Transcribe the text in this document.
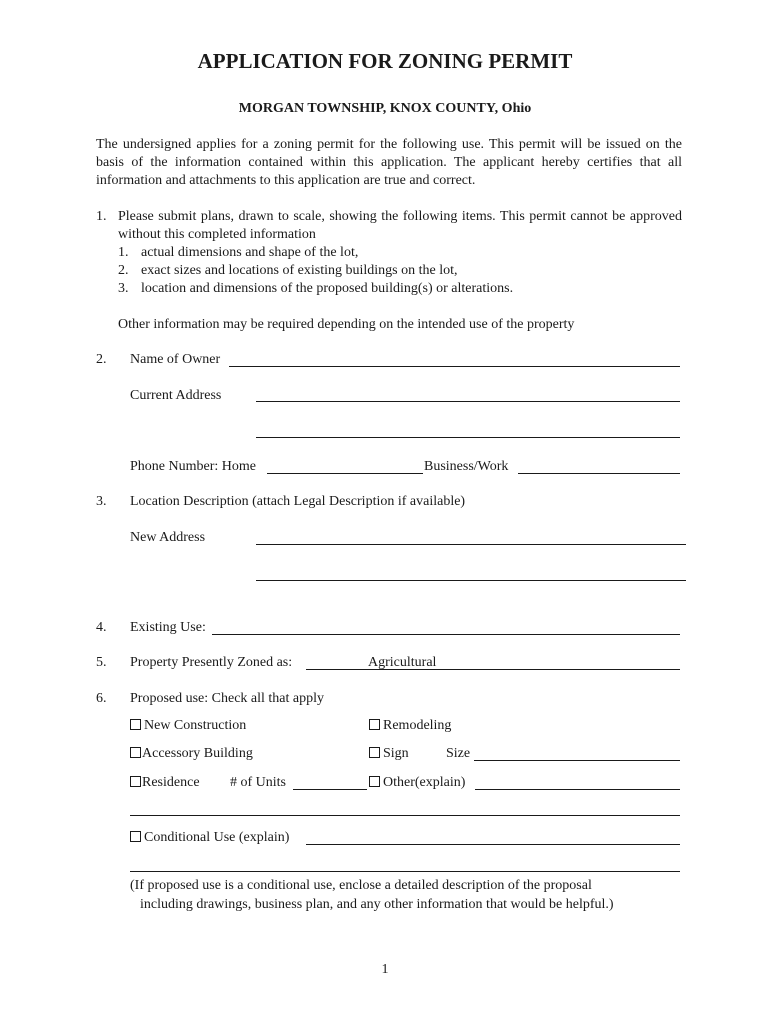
APPLICATION FOR ZONING PERMIT
MORGAN TOWNSHIP, KNOX COUNTY, Ohio
The undersigned applies for a zoning permit for the following use. This permit will be issued on the basis of the information contained within this application. The applicant hereby certifies that all information and attachments to this application are true and correct.
1. Please submit plans, drawn to scale, showing the following items. This permit cannot be approved without this completed information
1. actual dimensions and shape of the lot,
2. exact sizes and locations of existing buildings on the lot,
3. location and dimensions of the proposed building(s) or alterations.
Other information may be required depending on the intended use of the property
2. Name of Owner
Current Address
Phone Number: Home	Business/Work
3. Location Description (attach Legal Description if available)
New Address
4. Existing Use:
5. Property Presently Zoned as:	Agricultural
6. Proposed use: Check all that apply
New Construction	Remodeling
Accessory Building	Sign	Size
Residence # of Units	Other(explain)
Conditional Use (explain)
(If proposed use is a conditional use, enclose a detailed description of the proposal
including drawings, business plan, and any other information that would be helpful.)
1
